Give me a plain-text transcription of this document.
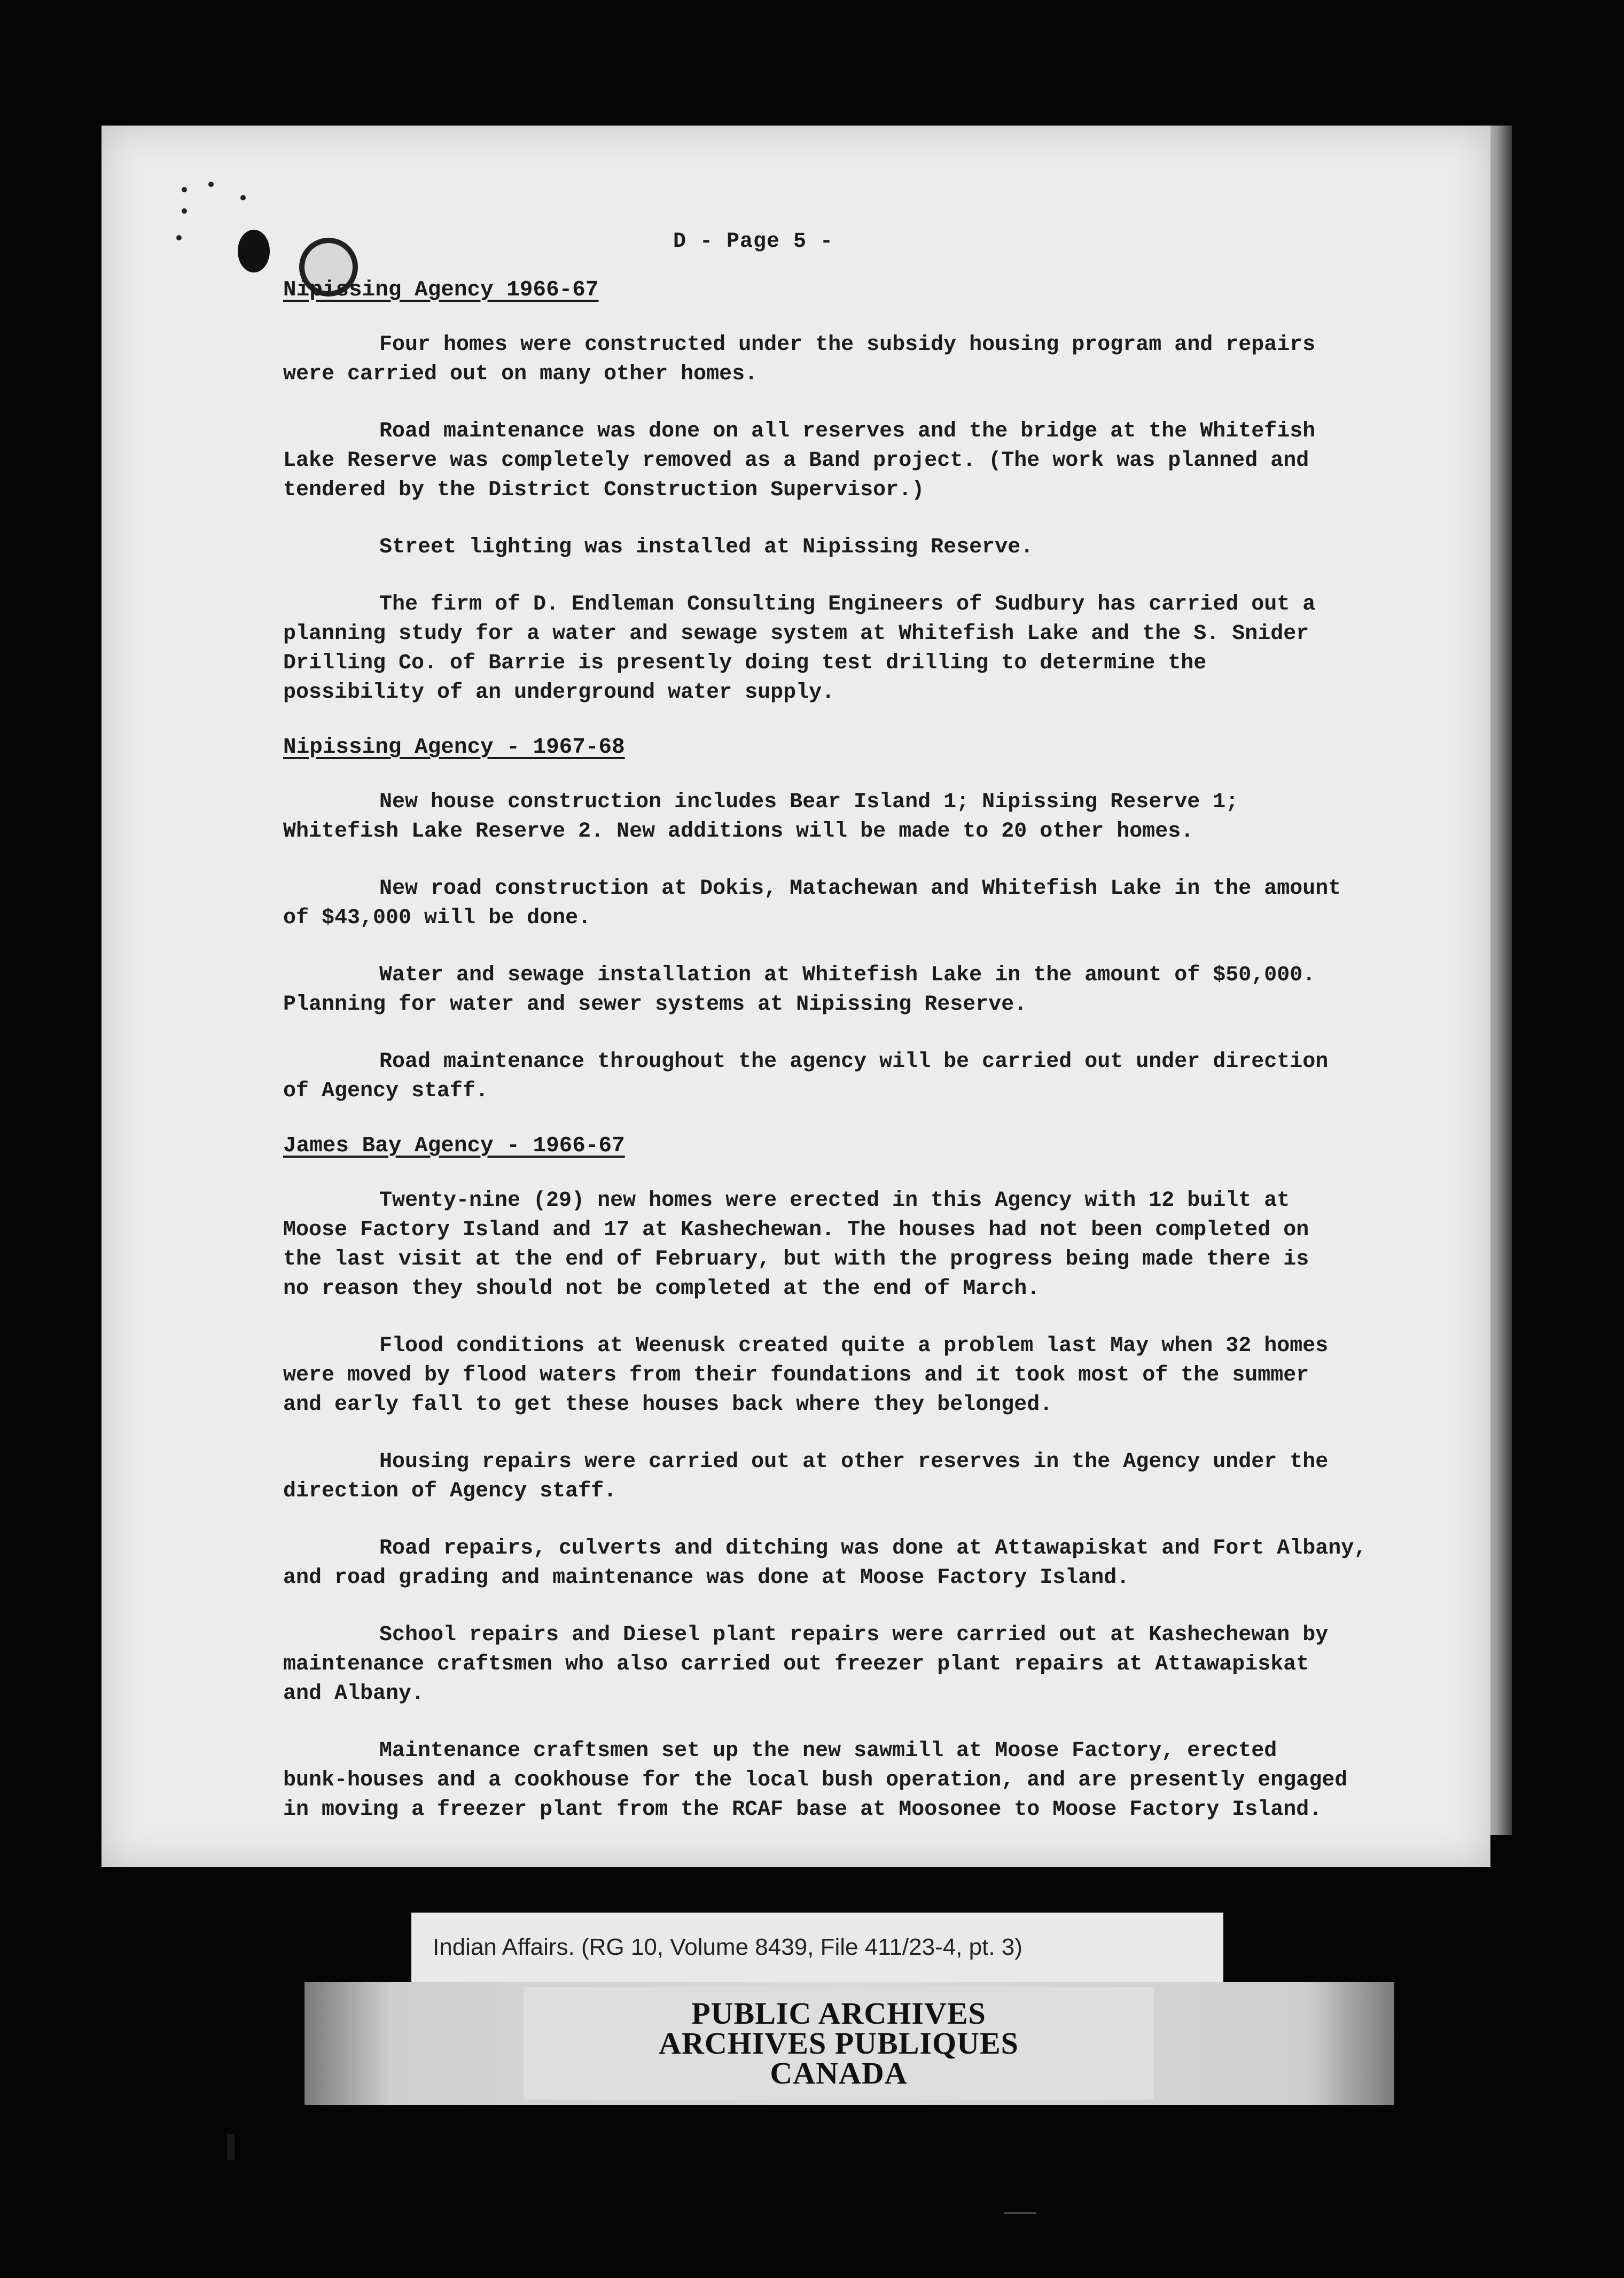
D - Page 5 -
Nipissing Agency 1966-67

Four homes were constructed under the subsidy housing program and repairs
were carried out on many other homes.

Road maintenance was done on all reserves and the bridge at the Whitefish
Lake Reserve was completely removed as a Band project. (The work was planned and
tendered by the District Construction Supervisor.)

Street lighting was installed at Nipissing Reserve.

The firm of D. Endleman Consulting Engineers of Sudbury has carried out a
planning study for a water and sewage system at Whitefish Lake and the S. Snider
Drilling Co. of Barrie is presently doing test drilling to determine the
possibility of an underground water supply.

Nipissing Agency - 1967-68

New house construction includes Bear Island 1; Nipissing Reserve 1;
Whitefish Lake Reserve 2. New additions will be made to 20 other homes.

New road construction at Dokis, Matachewan and Whitefish Lake in the amount
of $43,000 will be done.

Water and sewage installation at Whitefish Lake in the amount of $50,000.
Planning for water and sewer systems at Nipissing Reserve.

Road maintenance throughout the agency will be carried out under direction
of Agency staff.

James Bay Agency - 1966-67

Twenty-nine (29) new homes were erected in this Agency with 12 built at
Moose Factory Island and 17 at Kashechewan. The houses had not been completed on
the last visit at the end of February, but with the progress being made there is
no reason they should not be completed at the end of March.

Flood conditions at Weenusk created quite a problem last May when 32 homes
were moved by flood waters from their foundations and it took most of the summer
and early fall to get these houses back where they belonged.

Housing repairs were carried out at other reserves in the Agency under the
direction of Agency staff.

Road repairs, culverts and ditching was done at Attawapiskat and Fort Albany,
and road grading and maintenance was done at Moose Factory Island.

School repairs and Diesel plant repairs were carried out at Kashechewan by
maintenance craftsmen who also carried out freezer plant repairs at Attawapiskat
and Albany.

Maintenance craftsmen set up the new sawmill at Moose Factory, erected
bunk-houses and a cookhouse for the local bush operation, and are presently engaged
in moving a freezer plant from the RCAF base at Moosonee to Moose Factory Island.

Indian Affairs. (RG 10, Volume 8439, File 411/23-4, pt. 3)
PUBLIC ARCHIVES
ARCHIVES PUBLIQUES
CANADA
